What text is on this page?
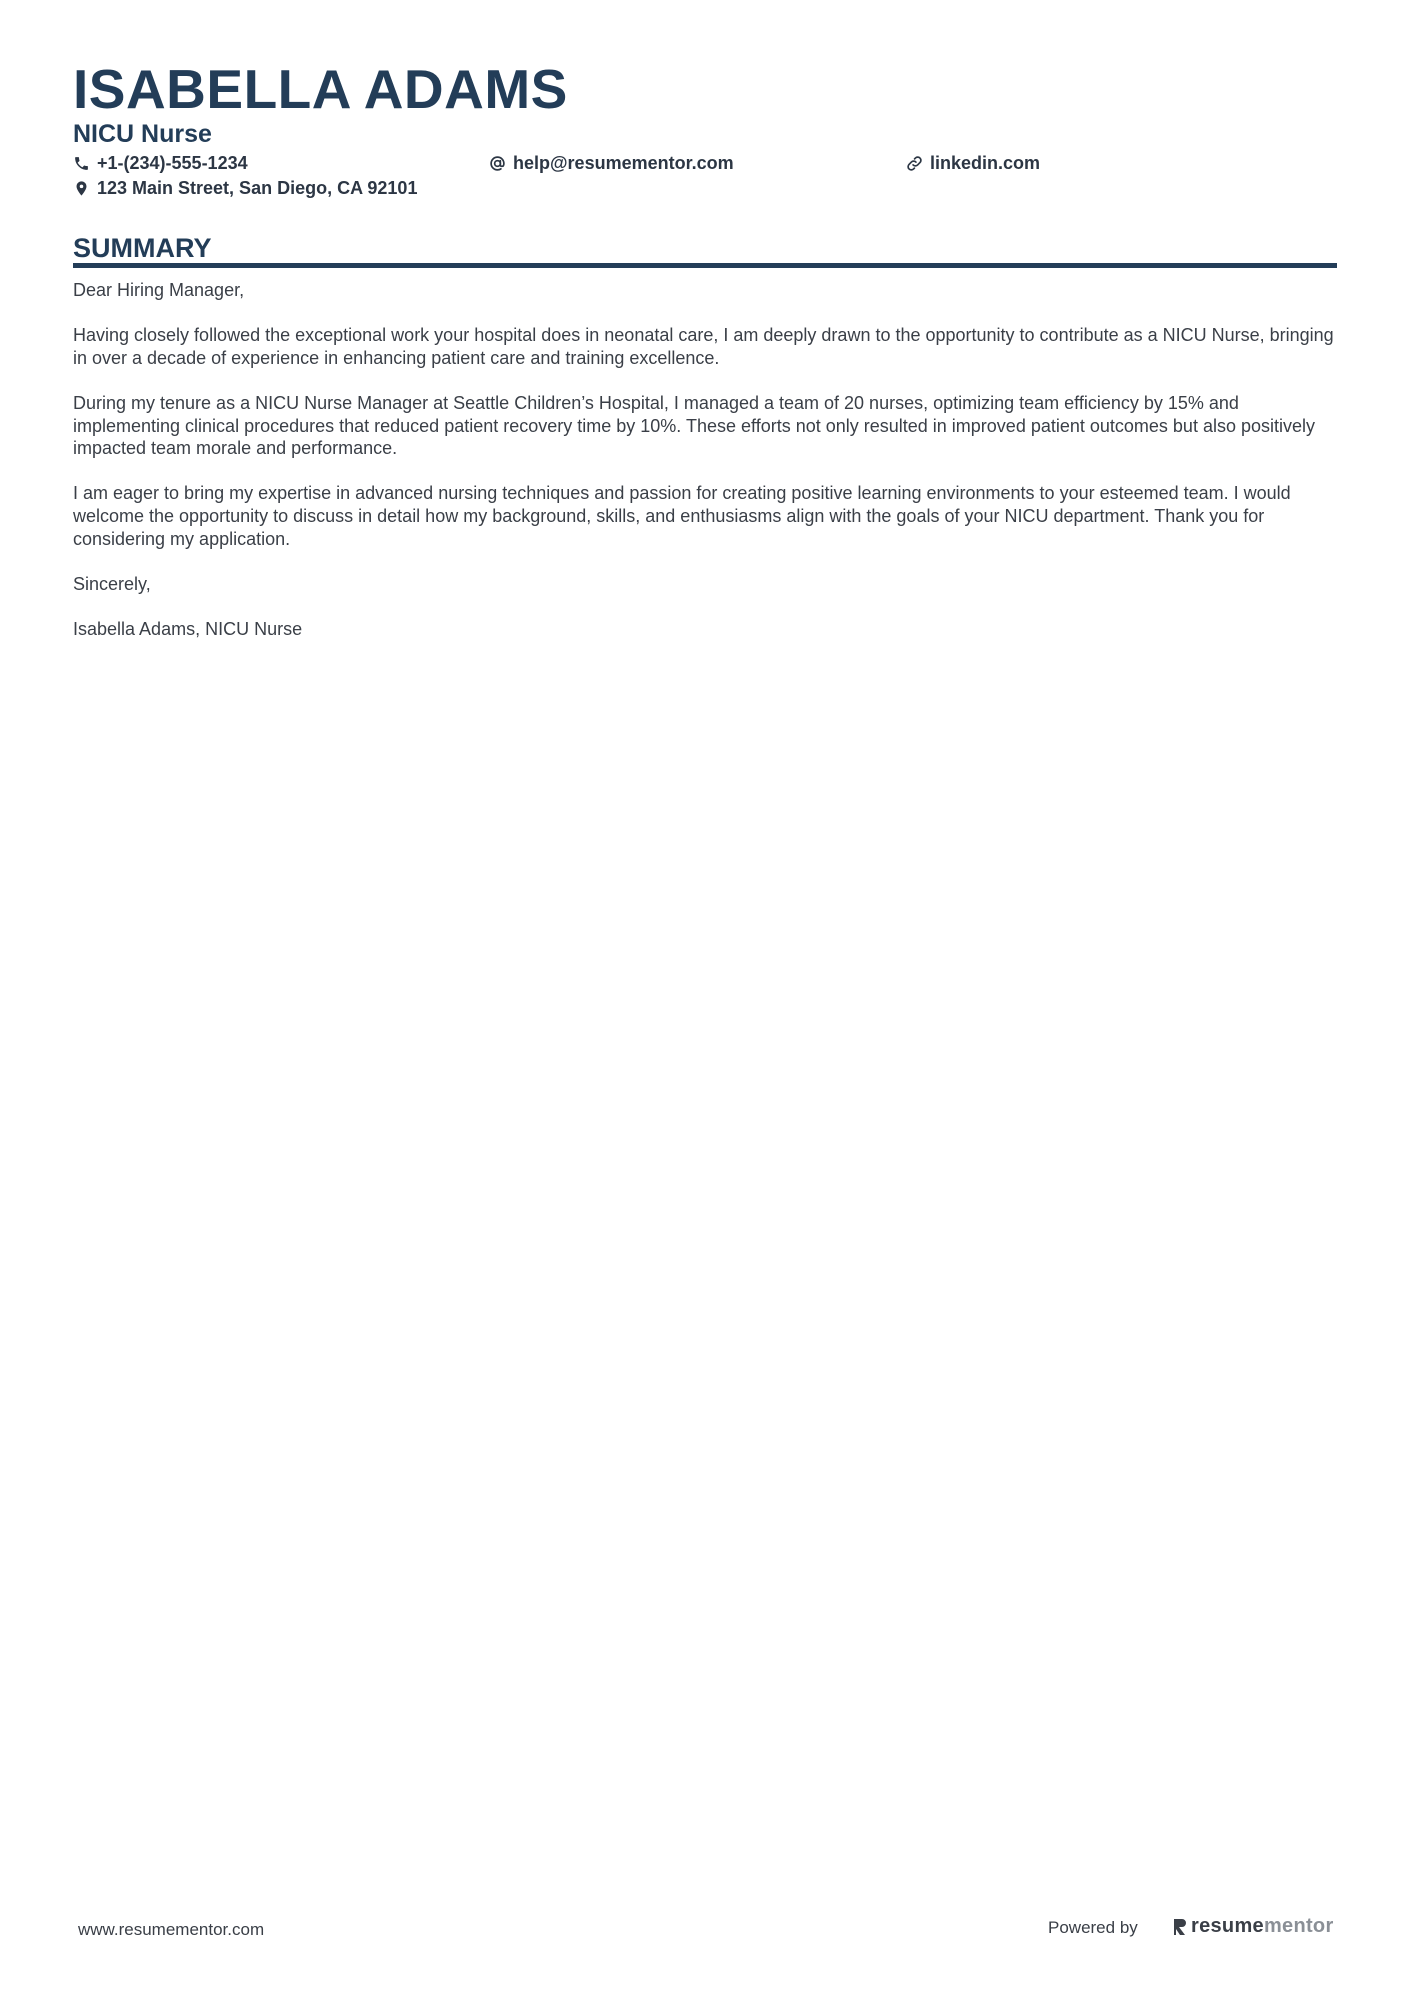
ISABELLA ADAMS
NICU Nurse
+1-(234)-555-1234	help@resumementor.com	linkedin.com
123 Main Street, San Diego, CA 92101
SUMMARY

Dear Hiring Manager,

Having closely followed the exceptional work your hospital does in neonatal care, I am deeply drawn to the opportunity to contribute as a NICU Nurse, bringing in over a decade of experience in enhancing patient care and training excellence.

During my tenure as a NICU Nurse Manager at Seattle Children’s Hospital, I managed a team of 20 nurses, optimizing team efficiency by 15% and implementing clinical procedures that reduced patient recovery time by 10%. These efforts not only resulted in improved patient outcomes but also positively impacted team morale and performance.

I am eager to bring my expertise in advanced nursing techniques and passion for creating positive learning environments to your esteemed team. I would welcome the opportunity to discuss in detail how my background, skills, and enthusiasms align with the goals of your NICU department. Thank you for considering my application.

Sincerely,

Isabella Adams, NICU Nurse

www.resumementor.com	Powered by	resume mentor
